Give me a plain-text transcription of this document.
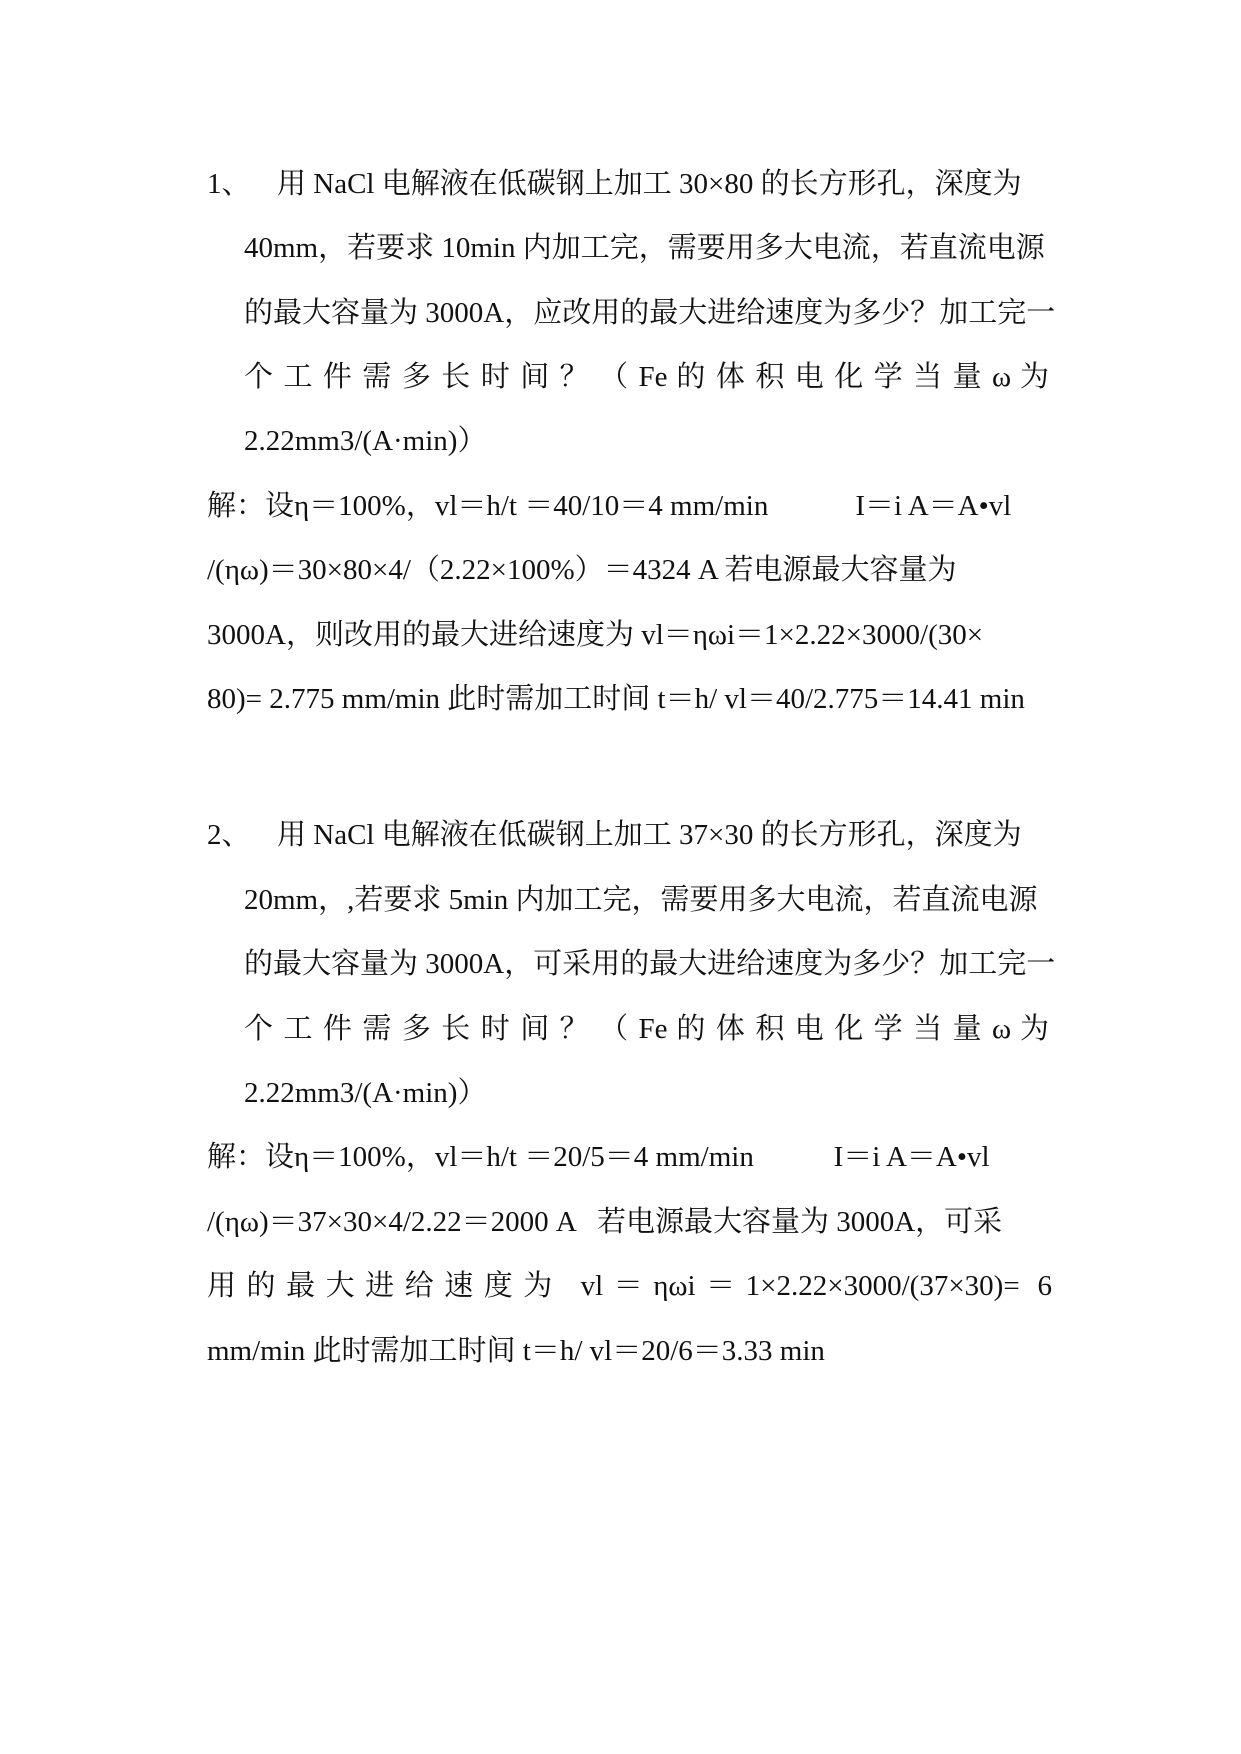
1、 用 NaCl 电解液在低碳钢上加工 30×80 的长方形孔，深度为
40mm，若要求 10min 内加工完，需要用多大电流，若直流电源
的最大容量为 3000A，应改用的最大进给速度为多少？加工完一
个 工 件 需 多 长 时 间 ？ （ Fe 的 体 积 电 化 学 当 量 ω 为
2.22mm3/(A·min)）
解：设η＝100%，vl＝h/t ＝40/10＝4 mm/min            I＝i A＝A•vl
/(ηω)＝30×80×4/（2.22×100%）＝4324 A 若电源最大容量为
3000A，则改用的最大进给速度为 vl＝ηωi＝1×2.22×3000/(30×
80)= 2.775 mm/min 此时需加工时间 t＝h/ vl＝40/2.775＝14.41 min
2、 用 NaCl 电解液在低碳钢上加工 37×30 的长方形孔，深度为
20mm，,若要求 5min 内加工完，需要用多大电流，若直流电源
的最大容量为 3000A，可采用的最大进给速度为多少？加工完一
个 工 件 需 多 长 时 间 ？ （ Fe 的 体 积 电 化 学 当 量 ω 为
2.22mm3/(A·min)）
解：设η＝100%，vl＝h/t ＝20/5＝4 mm/min           I＝i A＝A•vl
/(ηω)＝37×30×4/2.22＝2000 A   若电源最大容量为 3000A，可采
用的最大进给速度为 vl＝ηωi＝1×2.22×3000/(37×30)= 6
mm/min 此时需加工时间 t＝h/ vl＝20/6＝3.33 min
